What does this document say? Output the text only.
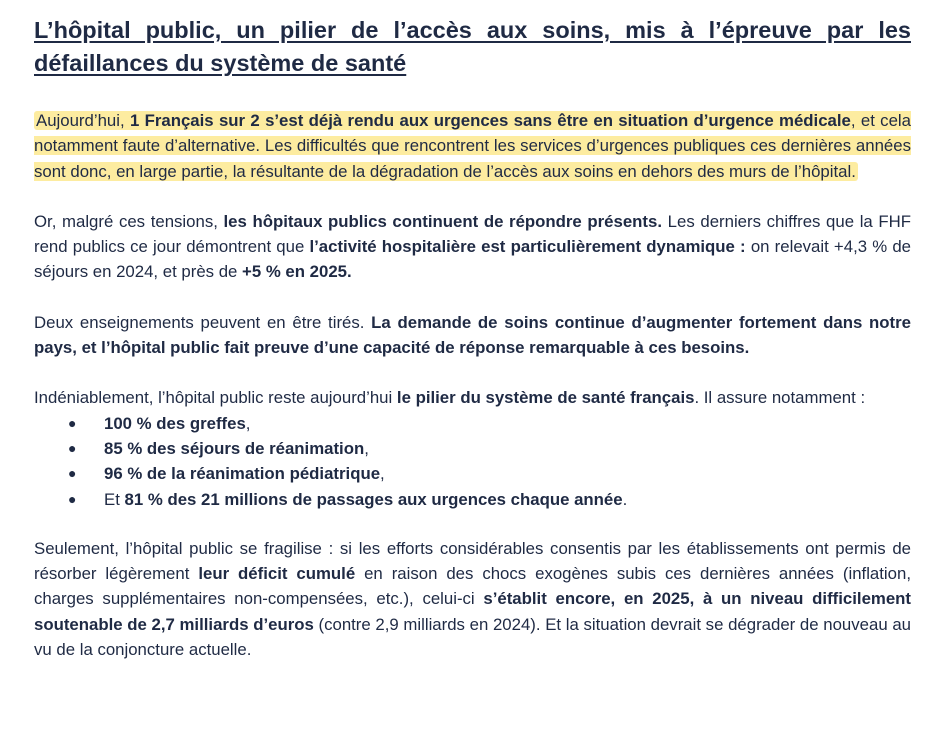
L’hôpital public, un pilier de l’accès aux soins, mis à l’épreuve par les défaillances du système de santé

Aujourd’hui, 1 Français sur 2 s’est déjà rendu aux urgences sans être en situation d’urgence médicale, et cela notamment faute d’alternative. Les difficultés que rencontrent les services d’urgences publiques ces dernières années sont donc, en large partie, la résultante de la dégradation de l’accès aux soins en dehors des murs de l’hôpital.

Or, malgré ces tensions, les hôpitaux publics continuent de répondre présents. Les derniers chiffres que la FHF rend publics ce jour démontrent que l’activité hospitalière est particulièrement dynamique : on relevait +4,3 % de séjours en 2024, et près de +5 % en 2025.

Deux enseignements peuvent en être tirés. La demande de soins continue d’augmenter fortement dans notre pays, et l’hôpital public fait preuve d’une capacité de réponse remarquable à ces besoins.

Indéniablement, l’hôpital public reste aujourd’hui le pilier du système de santé français. Il assure notamment :

● 100 % des greffes,
● 85 % des séjours de réanimation,
● 96 % de la réanimation pédiatrique,
● Et 81 % des 21 millions de passages aux urgences chaque année.

Seulement, l’hôpital public se fragilise : si les efforts considérables consentis par les établissements ont permis de résorber légèrement leur déficit cumulé en raison des chocs exogènes subis ces dernières années (inflation, charges supplémentaires non-compensées, etc.), celui-ci s’établit encore, en 2025, à un niveau difficilement soutenable de 2,7 milliards d’euros (contre 2,9 milliards en 2024). Et la situation devrait se dégrader de nouveau au vu de la conjoncture actuelle.
